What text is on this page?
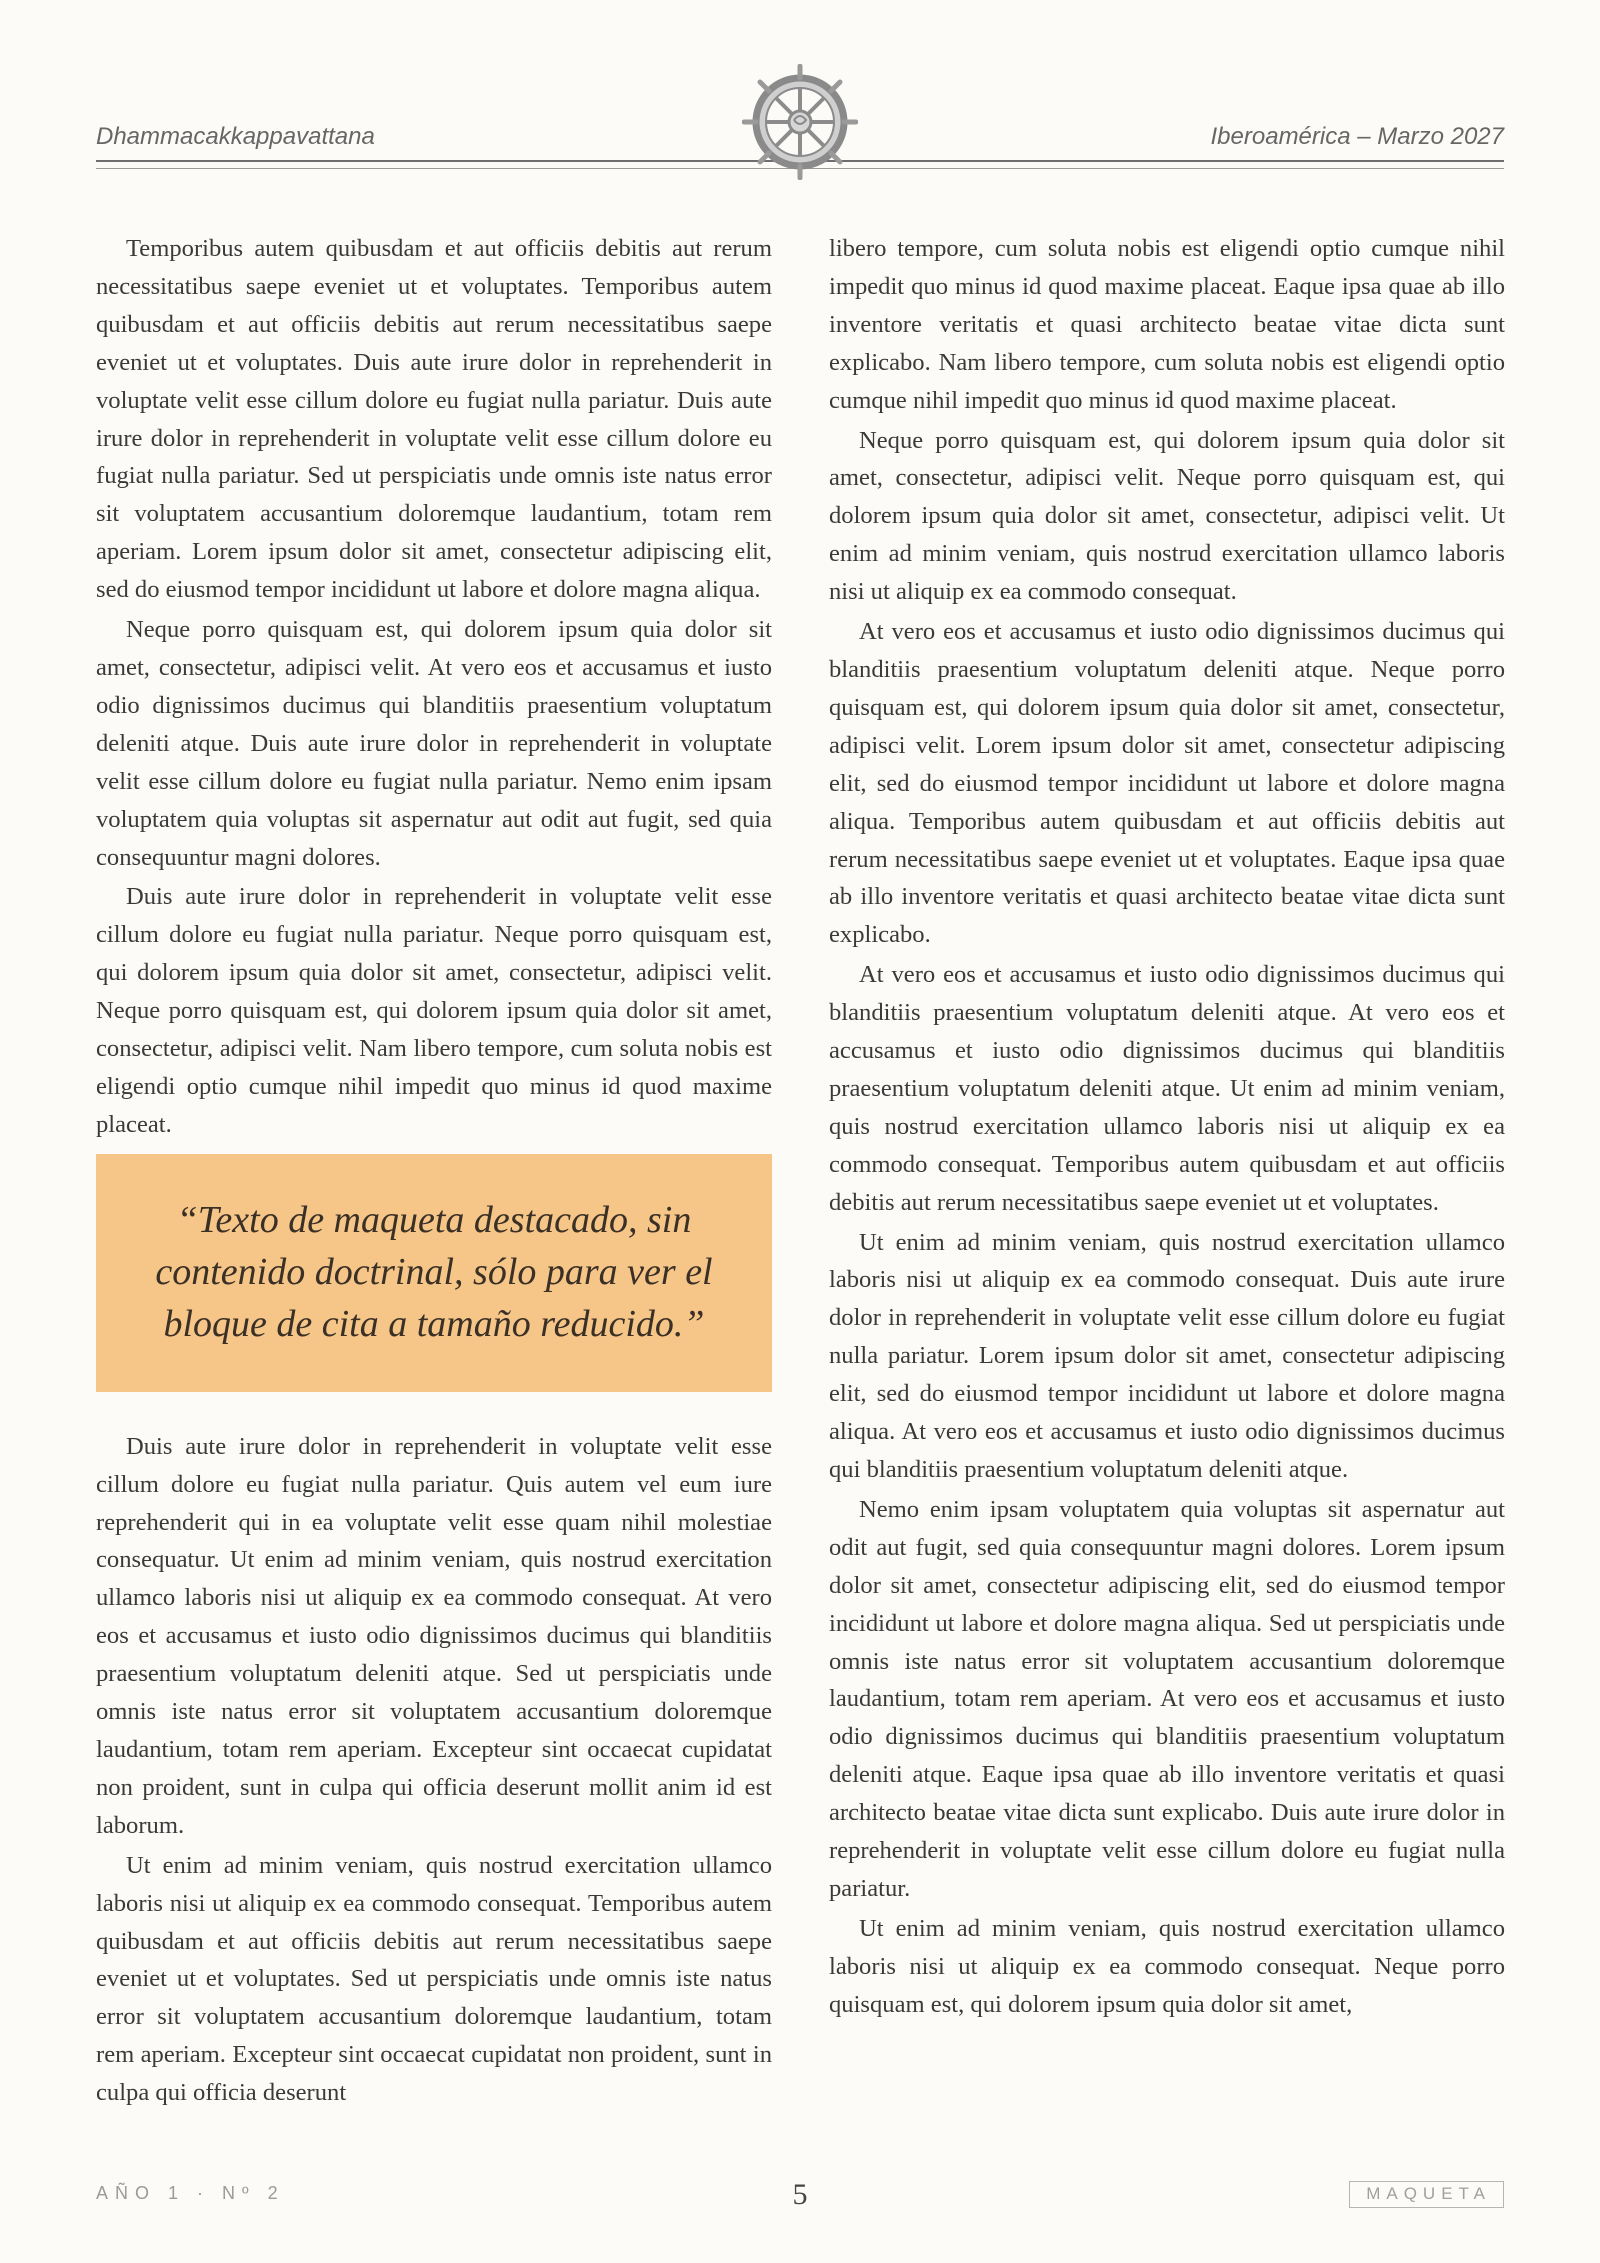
Dhammacakkappavattana	Iberoamérica – Marzo 2027

Temporibus autem quibusdam et aut officiis debitis aut rerum necessitatibus saepe eveniet ut et voluptates. Temporibus autem quibusdam et aut officiis debitis aut rerum necessitatibus saepe eveniet ut et voluptates. Duis aute irure dolor in reprehenderit in voluptate velit esse cillum dolore eu fugiat nulla pariatur. Duis aute irure dolor in reprehenderit in voluptate velit esse cillum dolore eu fugiat nulla pariatur. Sed ut perspiciatis unde omnis iste natus error sit voluptatem accusantium doloremque laudantium, totam rem aperiam. Lorem ipsum dolor sit amet, consectetur adipiscing elit, sed do eiusmod tempor incididunt ut labore et dolore magna aliqua.

Neque porro quisquam est, qui dolorem ipsum quia dolor sit amet, consectetur, adipisci velit. At vero eos et accusamus et iusto odio dignissimos ducimus qui blanditiis praesentium voluptatum deleniti atque. Duis aute irure dolor in reprehenderit in voluptate velit esse cillum dolore eu fugiat nulla pariatur. Nemo enim ipsam voluptatem quia voluptas sit aspernatur aut odit aut fugit, sed quia consequuntur magni dolores.

Duis aute irure dolor in reprehenderit in voluptate velit esse cillum dolore eu fugiat nulla pariatur. Neque porro quisquam est, qui dolorem ipsum quia dolor sit amet, consectetur, adipisci velit. Neque porro quisquam est, qui dolorem ipsum quia dolor sit amet, consectetur, adipisci velit. Nam libero tempore, cum soluta nobis est eligendi optio cumque nihil impedit quo minus id quod maxime placeat.

“Texto de maqueta destacado, sin contenido doctrinal, sólo para ver el bloque de cita a tamaño reducido.”

Duis aute irure dolor in reprehenderit in voluptate velit esse cillum dolore eu fugiat nulla pariatur. Quis autem vel eum iure reprehenderit qui in ea voluptate velit esse quam nihil molestiae consequatur. Ut enim ad minim veniam, quis nostrud exercitation ullamco laboris nisi ut aliquip ex ea commodo consequat. At vero eos et accusamus et iusto odio dignissimos ducimus qui blanditiis praesentium voluptatum deleniti atque. Sed ut perspiciatis unde omnis iste natus error sit voluptatem accusantium doloremque laudantium, totam rem aperiam. Excepteur sint occaecat cupidatat non proident, sunt in culpa qui officia deserunt mollit anim id est laborum.

Ut enim ad minim veniam, quis nostrud exercitation ullamco laboris nisi ut aliquip ex ea commodo consequat. Temporibus autem quibusdam et aut officiis debitis aut rerum necessitatibus saepe eveniet ut et voluptates. Sed ut perspiciatis unde omnis iste natus error sit voluptatem accusantium doloremque laudantium, totam rem aperiam. Excepteur sint occaecat cupidatat non proident, sunt in culpa qui officia deserunt

libero tempore, cum soluta nobis est eligendi optio cumque nihil impedit quo minus id quod maxime placeat. Eaque ipsa quae ab illo inventore veritatis et quasi architecto beatae vitae dicta sunt explicabo. Nam libero tempore, cum soluta nobis est eligendi optio cumque nihil impedit quo minus id quod maxime placeat.

Neque porro quisquam est, qui dolorem ipsum quia dolor sit amet, consectetur, adipisci velit. Neque porro quisquam est, qui dolorem ipsum quia dolor sit amet, consectetur, adipisci velit. Ut enim ad minim veniam, quis nostrud exercitation ullamco laboris nisi ut aliquip ex ea commodo consequat.

At vero eos et accusamus et iusto odio dignissimos ducimus qui blanditiis praesentium voluptatum deleniti atque. Neque porro quisquam est, qui dolorem ipsum quia dolor sit amet, consectetur, adipisci velit. Lorem ipsum dolor sit amet, consectetur adipiscing elit, sed do eiusmod tempor incididunt ut labore et dolore magna aliqua. Temporibus autem quibusdam et aut officiis debitis aut rerum necessitatibus saepe eveniet ut et voluptates. Eaque ipsa quae ab illo inventore veritatis et quasi architecto beatae vitae dicta sunt explicabo.

At vero eos et accusamus et iusto odio dignissimos ducimus qui blanditiis praesentium voluptatum deleniti atque. At vero eos et accusamus et iusto odio dignissimos ducimus qui blanditiis praesentium voluptatum deleniti atque. Ut enim ad minim veniam, quis nostrud exercitation ullamco laboris nisi ut aliquip ex ea commodo consequat. Temporibus autem quibusdam et aut officiis debitis aut rerum necessitatibus saepe eveniet ut et voluptates.

Ut enim ad minim veniam, quis nostrud exercitation ullamco laboris nisi ut aliquip ex ea commodo consequat. Duis aute irure dolor in reprehenderit in voluptate velit esse cillum dolore eu fugiat nulla pariatur. Lorem ipsum dolor sit amet, consectetur adipiscing elit, sed do eiusmod tempor incididunt ut labore et dolore magna aliqua. At vero eos et accusamus et iusto odio dignissimos ducimus qui blanditiis praesentium voluptatum deleniti atque.

Nemo enim ipsam voluptatem quia voluptas sit aspernatur aut odit aut fugit, sed quia consequuntur magni dolores. Lorem ipsum dolor sit amet, consectetur adipiscing elit, sed do eiusmod tempor incididunt ut labore et dolore magna aliqua. Sed ut perspiciatis unde omnis iste natus error sit voluptatem accusantium doloremque laudantium, totam rem aperiam. At vero eos et accusamus et iusto odio dignissimos ducimus qui blanditiis praesentium voluptatum deleniti atque. Eaque ipsa quae ab illo inventore veritatis et quasi architecto beatae vitae dicta sunt explicabo. Duis aute irure dolor in reprehenderit in voluptate velit esse cillum dolore eu fugiat nulla pariatur.

Ut enim ad minim veniam, quis nostrud exercitation ullamco laboris nisi ut aliquip ex ea commodo consequat. Neque porro quisquam est, qui dolorem ipsum quia dolor sit amet,

AÑO 1 · Nº 2	5	MAQUETA
